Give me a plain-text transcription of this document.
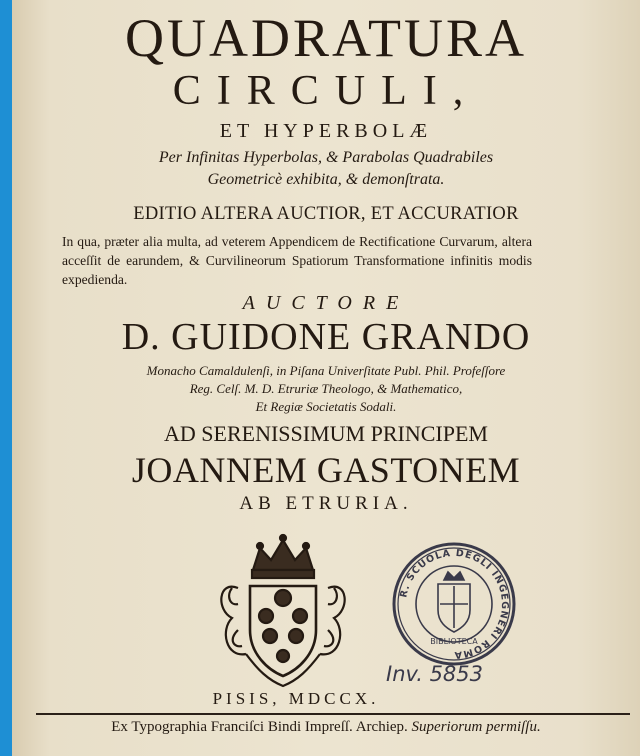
QUADRATURA
CIRCULI,
ET HYPERBOLÆ
Per Infinitas Hyperbolas, & Parabolas Quadrabiles
Geometricè exhibita, & demonſtrata.
EDITIO ALTERA AUCTIOR, ET ACCURATIOR
In qua, præter alia multa, ad veterem Appendicem de Rectificatione Curvarum, altera acceſſit de earundem, & Curvilineorum Spatiorum Transformatione infinitis modis expedienda.
AUCTORE
D. GUIDONE GRANDO
Monacho Camaldulenſi, in Piſana Univerſitate Publ. Phil. Profeſſore
Reg. Celſ. M. D. Etruriæ Theologo, & Mathematico,
Et Regiæ Societatis Sodali.
AD SERENISSIMUM PRINCIPEM
JOANNEM GASTONEM
AB ETRURIA.
R. SCUOLA DEGLI INGEGNERI ROMA
BIBLIOTECA
Inv. 5853
PISIS, MDCCX.
Ex Typographia Franciſci Bindi Impreſſ. Archiep. Superiorum permiſſu.
